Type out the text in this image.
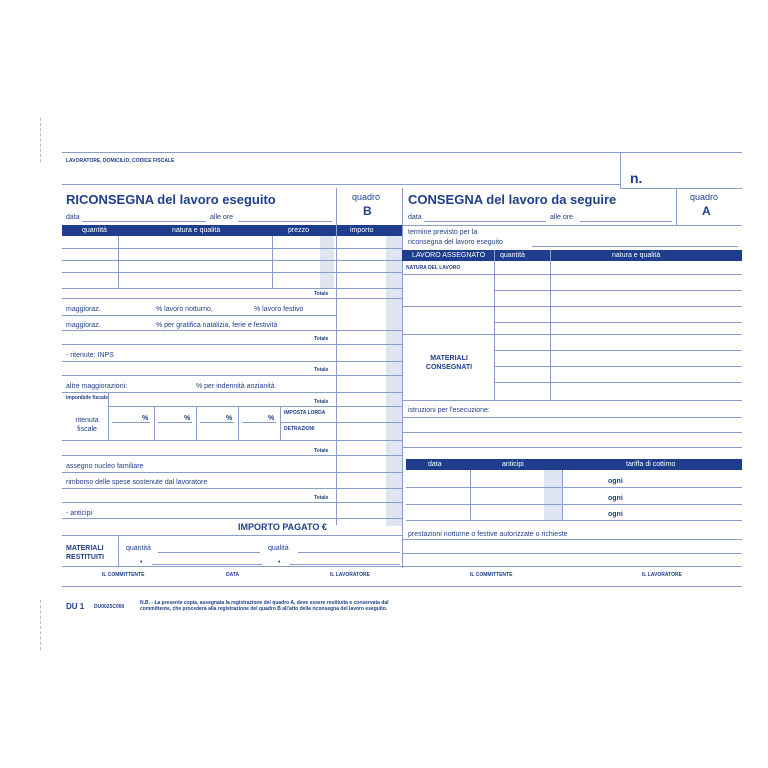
LAVORATORE, DOMICILIO, CODICE FISCALE
n.
RICONSEGNA del lavoro eseguito	quadro
B
data	alle ore
quantità	natura e qualità	prezzo	importo
Totale
maggioraz.	% lavoro notturno,	% lavoro festivo
maggioraz.	% per gratifica natalizia, ferie e festività
Totale
- ritenute: INPS
Totale
altre maggiorazioni:	% per indennità anzianità
imponibile fiscale
Totale
ritenuta fiscale
%	%	%	%
IMPOSTA LORDA
DETRAZIONI
Totale
assegno nucleo familiare
rimborso delle spese sostenute dal lavoratore
Totale
- anticipi
IMPORTO PAGATO €
MATERIALI RESTITUITI
quantità	qualità
•	•
IL COMMITTENTE	DATA	IL LAVORATORE
CONSEGNA del lavoro da seguire	quadro
A
data	alle ore
termine previsto per la
riconsegna del lavoro eseguito
LAVORO ASSEGNATO quantità	natura e qualità
NATURA DEL LAVORO
MATERIALI CONSEGNATI
istruzioni per l'esecuzione:
data	anticipi	tariffa di cottimo
ogni
ogni
ogni
prestazioni notturne o festive autorizzate o richieste
IL COMMITTENTE	IL LAVORATORE
DU 1 DU0025C000
N.B. - La presente copia, assegnata la registrazione del quadro A, deve essere restituita e conservata dal committente, che procederà alla registrazione del quadro B all'atto della riconsegna del lavoro eseguito.
